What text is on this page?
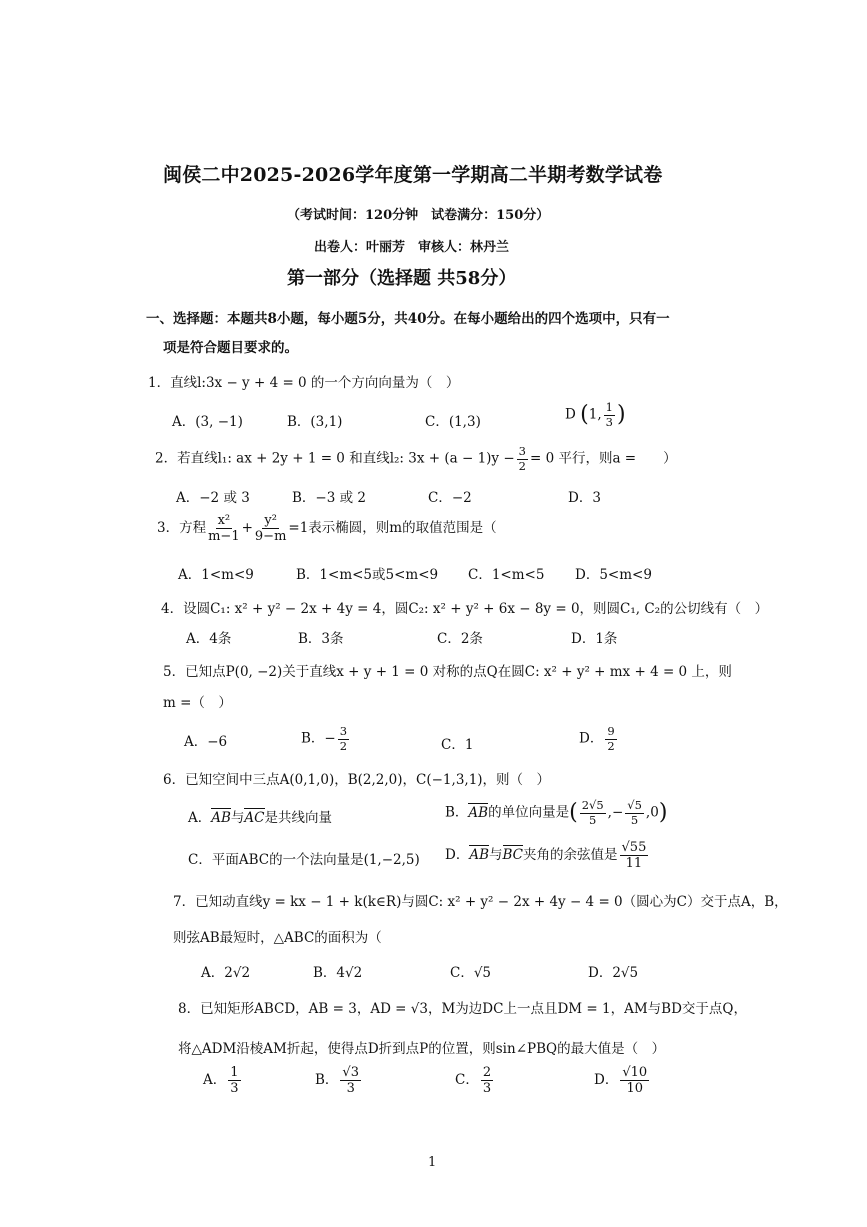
闽侯二中2025-2026学年度第一学期高二半期考数学试卷
（考试时间：120分钟　试卷满分：150分）
出卷人：叶丽芳　审核人：林丹兰
第一部分（选择题 共58分）
一、选择题：本题共8小题，每小题5分，共40分。在每小题给出的四个选项中，只有一
项是符合题目要求的。
1．直线l:3x − y + 4 = 0 的一个方向向量为（　）
A．(3, −1)	B．(3,1)	C．(1,3)	D (1, $\frac{1}{3}$ )
2．若直线l₁: ax + 2y + 1 = 0 和直线l₂: $3x + (a - 1)y - \frac{3}{2} = 0$ 平行，则a =　　）
A．−2 或 3	B．−3 或 2	C．−2	D．3
3．方程 $\frac{\text{x²}}{m-1} + \frac{\text{y²}}{9-m} =1$表示椭圆，则m的取值范围是（
A．1<m<9	B．1<m<5或5<m<9 C．1<m<5 D．5<m<9
4．设圆C₁: x² + y² − 2x + 4y = 4，圆C₂: x² + y² + 6x − 8y = 0，则圆C₁, C₂的公切线有（　）
A．4条	B．3条	C．2条	D．1条
5．已知点P(0, −2)关于直线x + y + 1 = 0 对称的点Q在圆C: x² + y² + mx + 4 = 0 上，则
m =（　）
A．−6	B．− $\frac{3}{2}$	C．1	D． $\frac{9}{2}$
6．已知空间中三点A(0,1,0)，B(2,2,0)，C(−1,3,1)，则（　）
A．AB与AC是共线向量	B．AB的单位向量是( $\frac{2√5}{5}$ ,− $\frac{√5}{5} ,0$)
C．平面ABC的一个法向量是(1,−2,5) D．AB与BC夹角的余弦值是 $\frac{√55}{11}$
7．已知动直线y = kx − 1 + k(k∈R)与圆C: x² + y² − 2x + 4y − 4 = 0（圆心为C）交于点A，B，
则弦AB最短时，△ABC的面积为（
A．2√2	B．4√2	C．√5	D．2√5
8．已知矩形ABCD，AB = 3，AD = √3，M为边DC上一点且DM = 1，AM与BD交于点Q，
将△ADM沿棱AM折起，使得点D折到点P的位置，则sin∠PBQ的最大值是（　）
A． $\frac{1}{3}$	B． $\frac{√3}{3}$	C． $\frac{2}{3}$	D． $\frac{√10}{10}$
1
